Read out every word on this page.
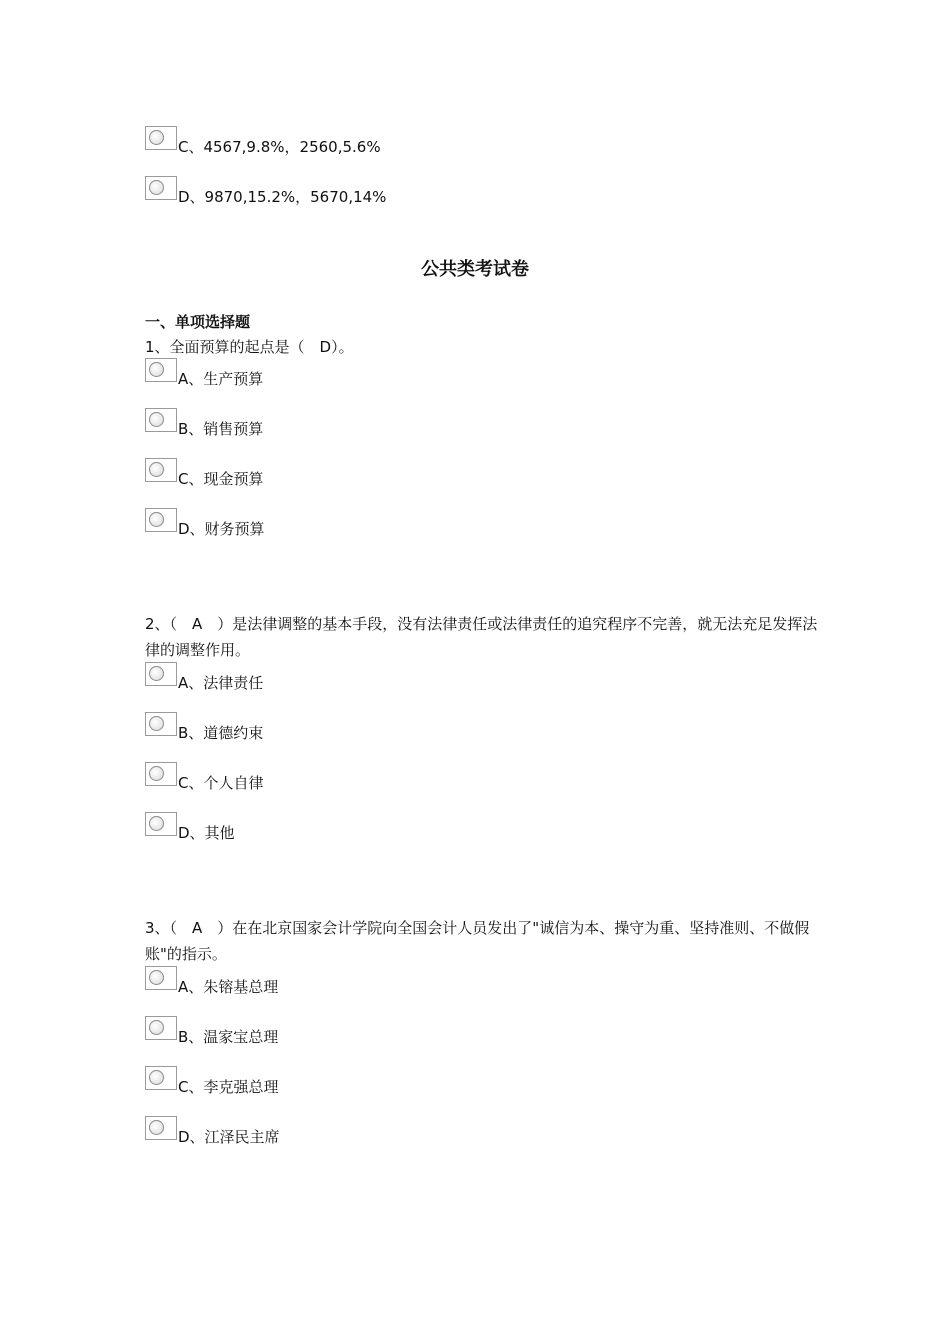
C、4567,9.8%，2560,5.6%
D、9870,15.2%，5670,14%
公共类考试卷
一、单项选择题
1、全面预算的起点是（　D）。
A、生产预算
B、销售预算
C、现金预算
D、财务预算
2、（　A　）是法律调整的基本手段，没有法律责任或法律责任的追究程序不完善，就无法充足发挥法律的调整作用。
A、法律责任
B、道德约束
C、个人自律
D、其他
3、（　A　）在在北京国家会计学院向全国会计人员发出了"诚信为本、操守为重、坚持准则、不做假账"的指示。
A、朱镕基总理
B、温家宝总理
C、李克强总理
D、江泽民主席
